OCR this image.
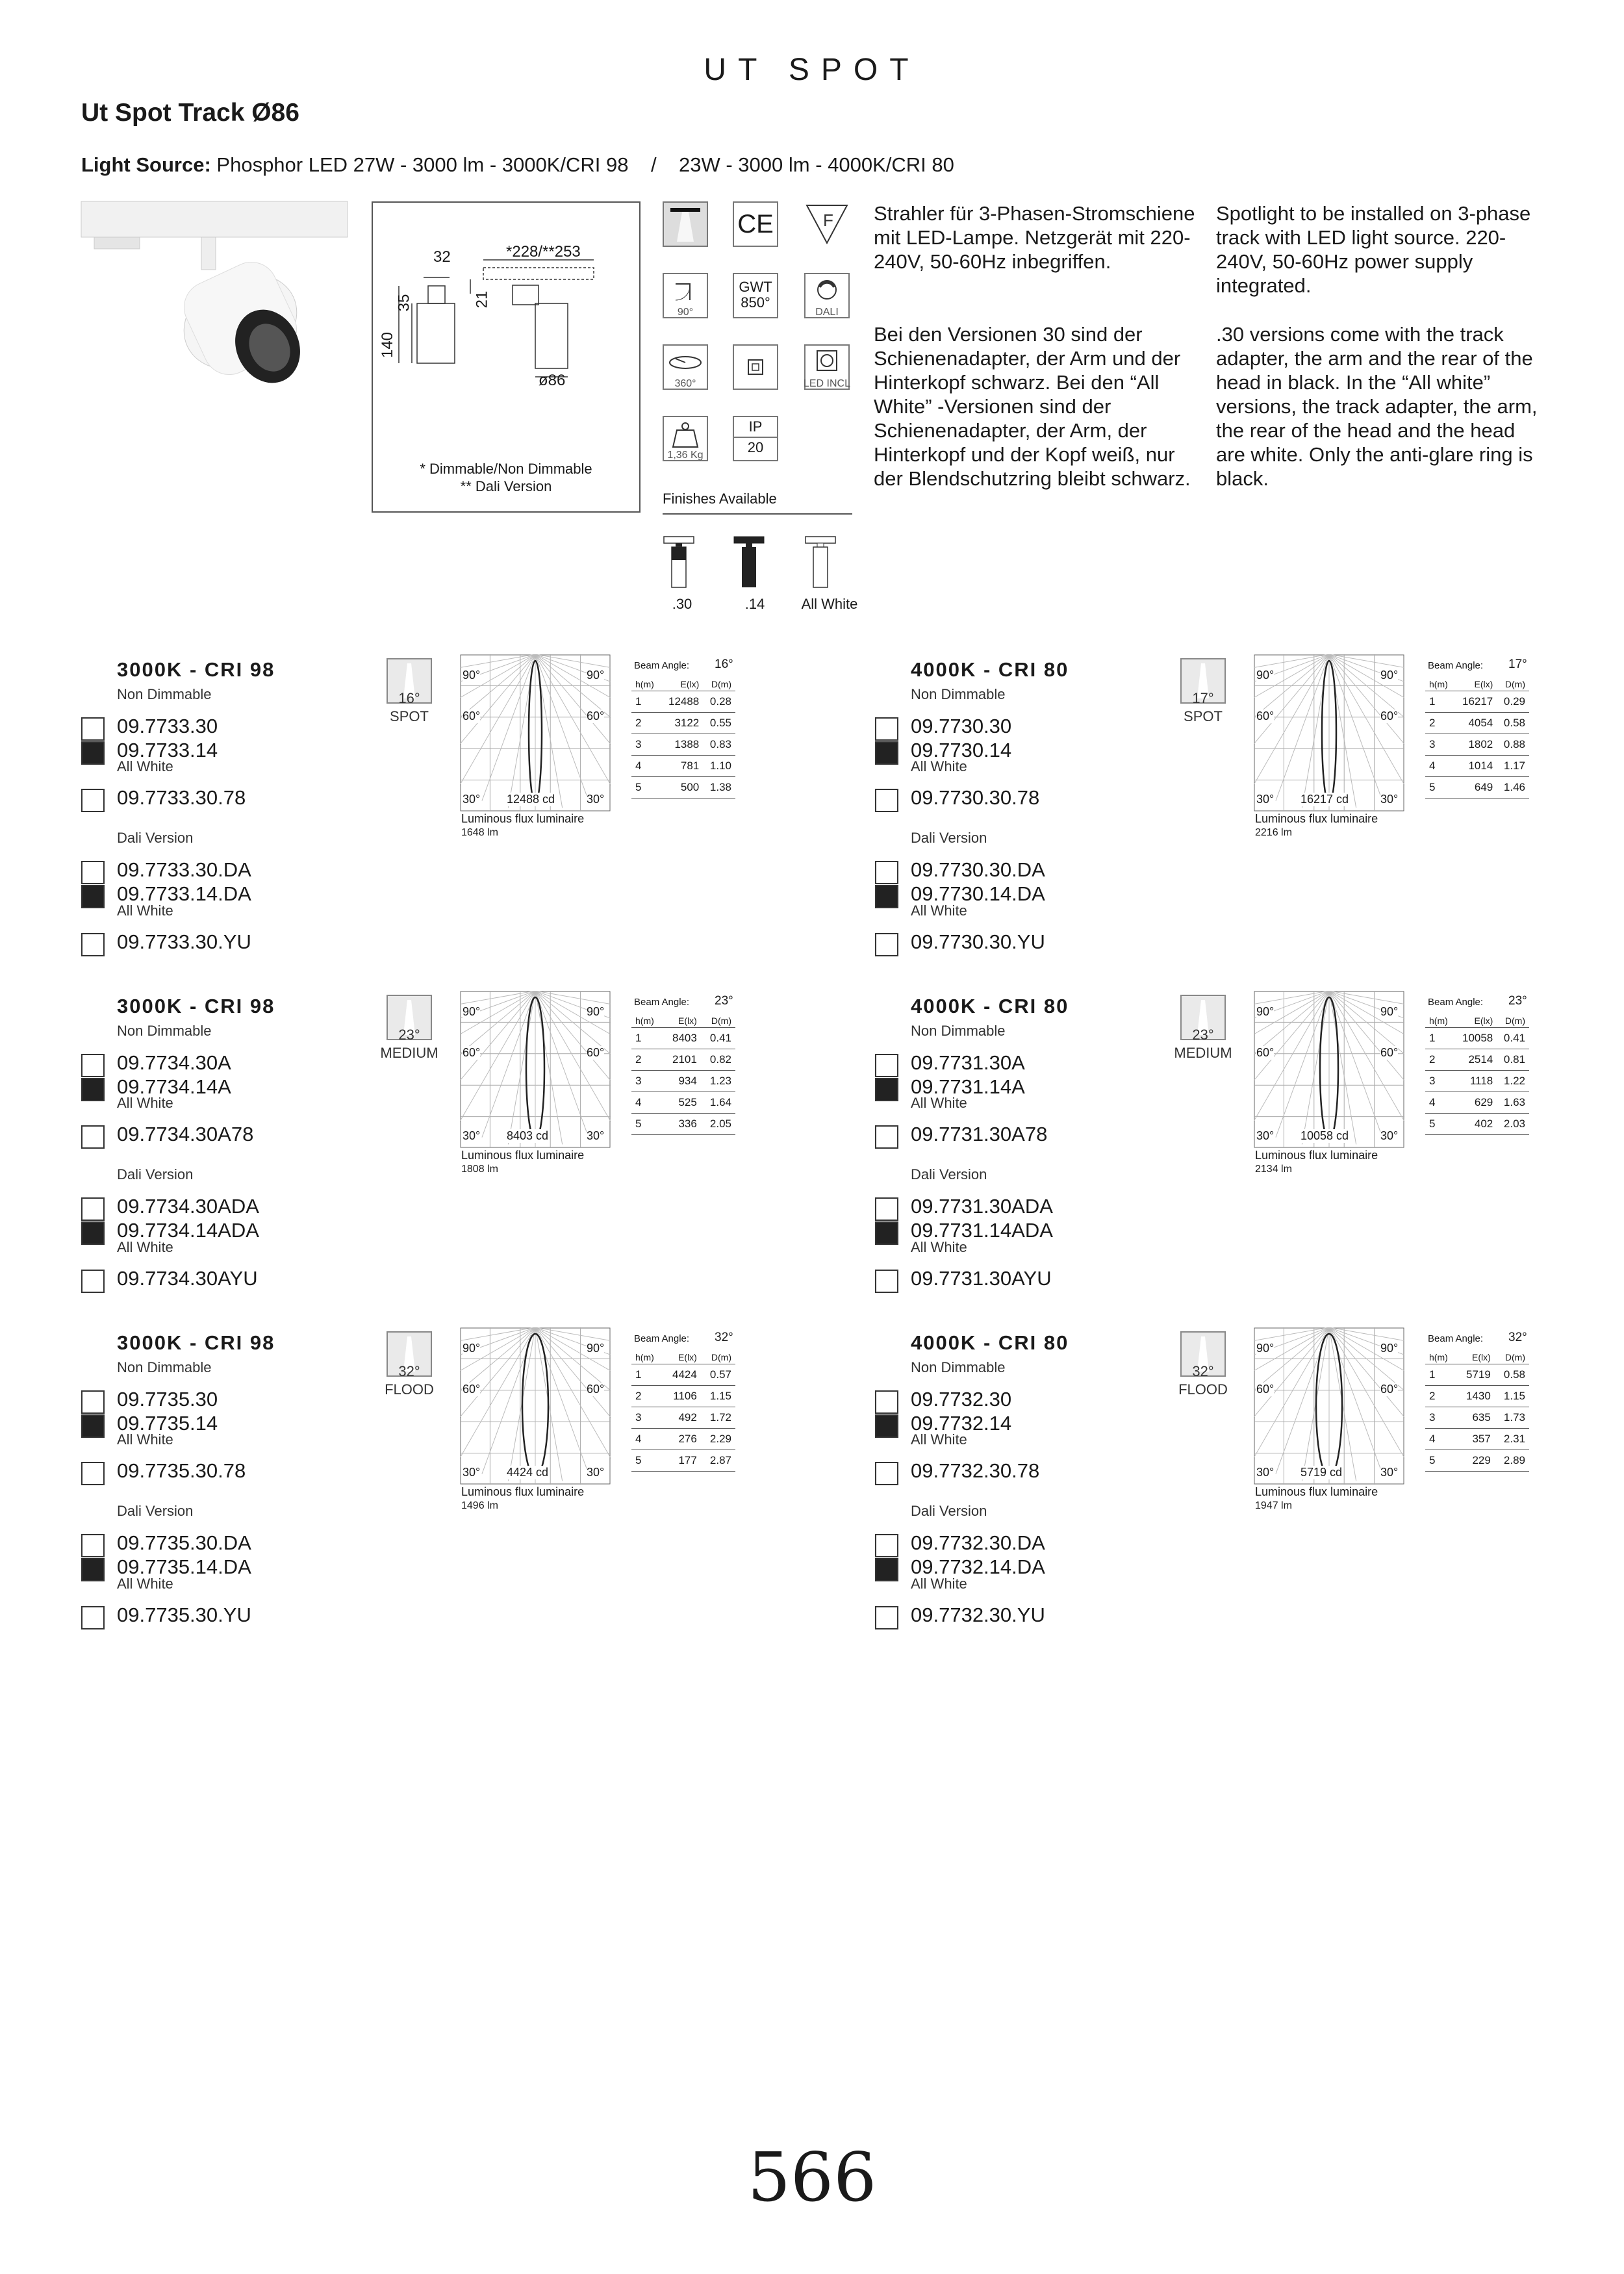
UT SPOT
Ut Spot Track Ø86
Light Source: Phosphor LED 27W - 3000 lm - 3000K/CRI 98    /    23W - 3000 lm - 4000K/CRI 80
32	*228/**253
140
35	21
ø86
* Dimmable/Non Dimmable
** Dali Version
CE	F
90°
GWT
850°
DALI
360°	LED INCL
1,36 Kg
IP
20
Finishes Available
.30	.14	All White
Strahler für 3-Phasen-Stromschiene mit LED-Lampe. Netzgerät mit 220-240V, 50-60Hz inbegriffen.
Bei den Versionen 30 sind der Schienenadapter, der Arm und der Hinterkopf schwarz. Bei den “All White” -Versionen sind der Schienenadapter, der Arm, der Hinterkopf und der Kopf weiß, nur der Blendschutzring bleibt schwarz.
Spotlight to be installed on 3-phase track with LED light source. 220-240V, 50-60Hz power supply integrated.
.30 versions come with the track adapter, the arm and the rear of the head in black. In the “All white” versions, the track adapter, the arm, the rear of the head and the head are white. Only the anti-glare ring is black.
3000K - CRI 98
Non Dimmable
All White
Dali Version
All White
09.7733.30
09.7733.14
09.7733.30.78
09.7733.30.DA
09.7733.14.DA
09.7733.30.YU
16°
SPOT
90°	90°
60°	60°
30°	30°
12488 cd
Luminous flux luminaire
1648 lm
Beam Angle: 16°
h(m)	E(lx)	D(m)
1	12488	0.28
2	3122	0.55
3	1388	0.83
4	781	1.10
5	500	1.38
4000K - CRI 80
Non Dimmable
All White
Dali Version
All White
09.7730.30
09.7730.14
09.7730.30.78
09.7730.30.DA
09.7730.14.DA
09.7730.30.YU
17°
SPOT
90°	90°
60°	60°
30°	30°
16217 cd
Luminous flux luminaire
2216 lm
Beam Angle: 17°
h(m)	E(lx)	D(m)
1	16217	0.29
2	4054	0.58
3	1802	0.88
4	1014	1.17
5	649	1.46
3000K - CRI 98
Non Dimmable
All White
Dali Version
All White
09.7734.30A
09.7734.14A
09.7734.30A78
09.7734.30ADA
09.7734.14ADA
09.7734.30AYU
23°
MEDIUM
90°	90°
60°	60°
30°	30°
8403 cd
Luminous flux luminaire
1808 lm
Beam Angle: 23°
h(m)	E(lx)	D(m)
1	8403	0.41
2	2101	0.82
3	934	1.23
4	525	1.64
5	336	2.05
4000K - CRI 80
Non Dimmable
All White
Dali Version
All White
09.7731.30A
09.7731.14A
09.7731.30A78
09.7731.30ADA
09.7731.14ADA
09.7731.30AYU
23°
MEDIUM
90°	90°
60°	60°
30°	30°
10058 cd
Luminous flux luminaire
2134 lm
Beam Angle: 23°
h(m)	E(lx)	D(m)
1	10058	0.41
2	2514	0.81
3	1118	1.22
4	629	1.63
5	402	2.03
3000K - CRI 98
Non Dimmable
All White
Dali Version
All White
09.7735.30
09.7735.14
09.7735.30.78
09.7735.30.DA
09.7735.14.DA
09.7735.30.YU
32°
FLOOD
90°	90°
60°	60°
30°	30°
4424 cd
Luminous flux luminaire
1496 lm
Beam Angle: 32°
h(m)	E(lx)	D(m)
1	4424	0.57
2	1106	1.15
3	492	1.72
4	276	2.29
5	177	2.87
4000K - CRI 80
Non Dimmable
All White
Dali Version
All White
09.7732.30
09.7732.14
09.7732.30.78
09.7732.30.DA
09.7732.14.DA
09.7732.30.YU
32°
FLOOD
90°	90°
60°	60°
30°	30°
5719 cd
Luminous flux luminaire
1947 lm
Beam Angle: 32°
h(m)	E(lx)	D(m)
1	5719	0.58
2	1430	1.15
3	635	1.73
4	357	2.31
5	229	2.89
566
